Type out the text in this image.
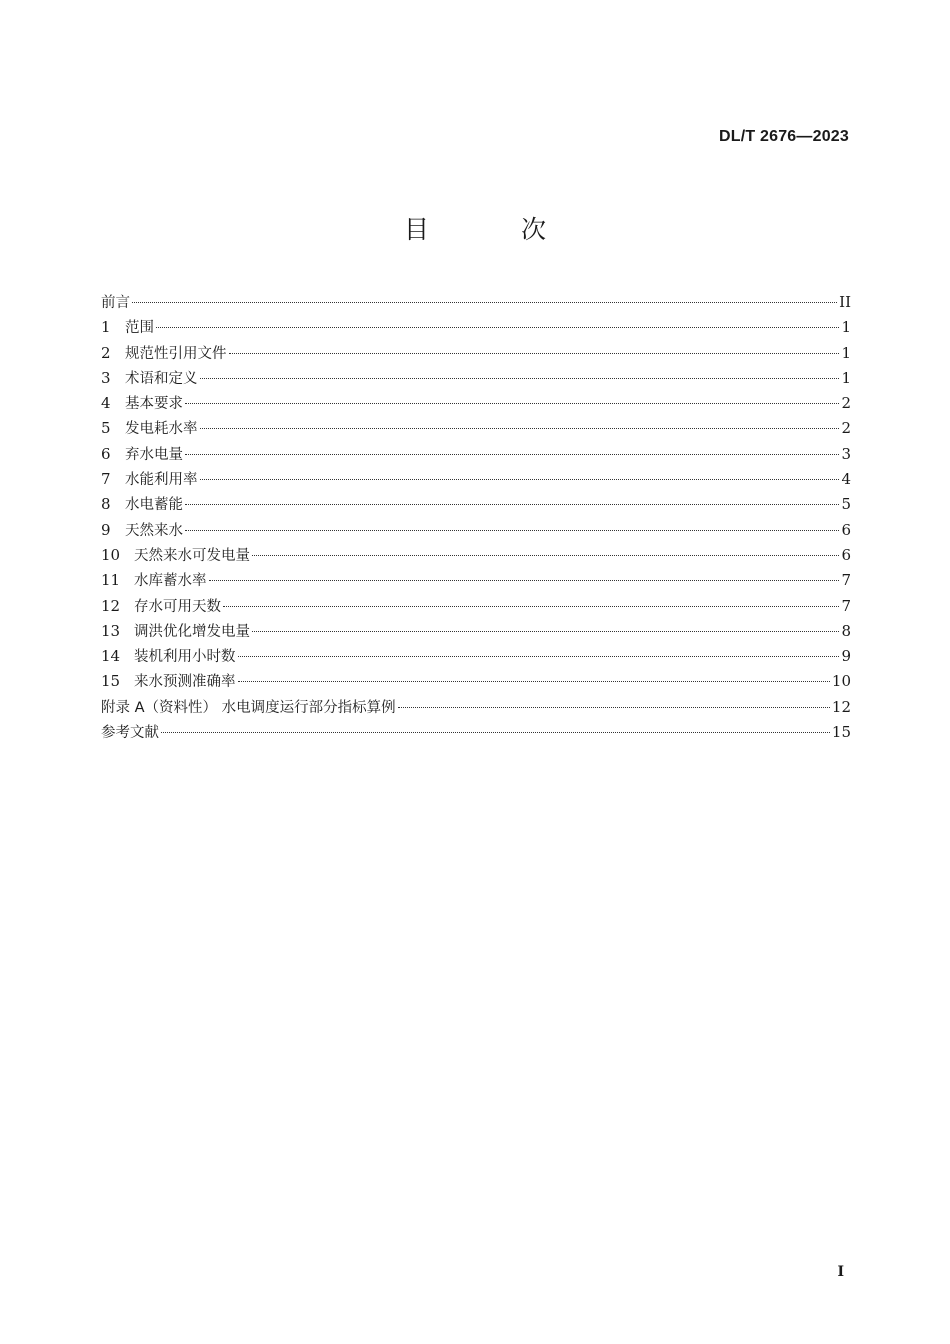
DL/T 2676—2023
目 次
前言	II
1 范围	1
2 规范性引用文件	1
3 术语和定义	1
4 基本要求	2
5 发电耗水率	2
6 弃水电量	3
7 水能利用率	4
8 水电蓄能	5
9 天然来水	6
10 天然来水可发电量	6
11 水库蓄水率	7
12 存水可用天数	7
13 调洪优化增发电量	8
14 装机利用小时数	9
15 来水预测准确率	10
附录 A（资料性） 水电调度运行部分指标算例	12
参考文献	15
I
